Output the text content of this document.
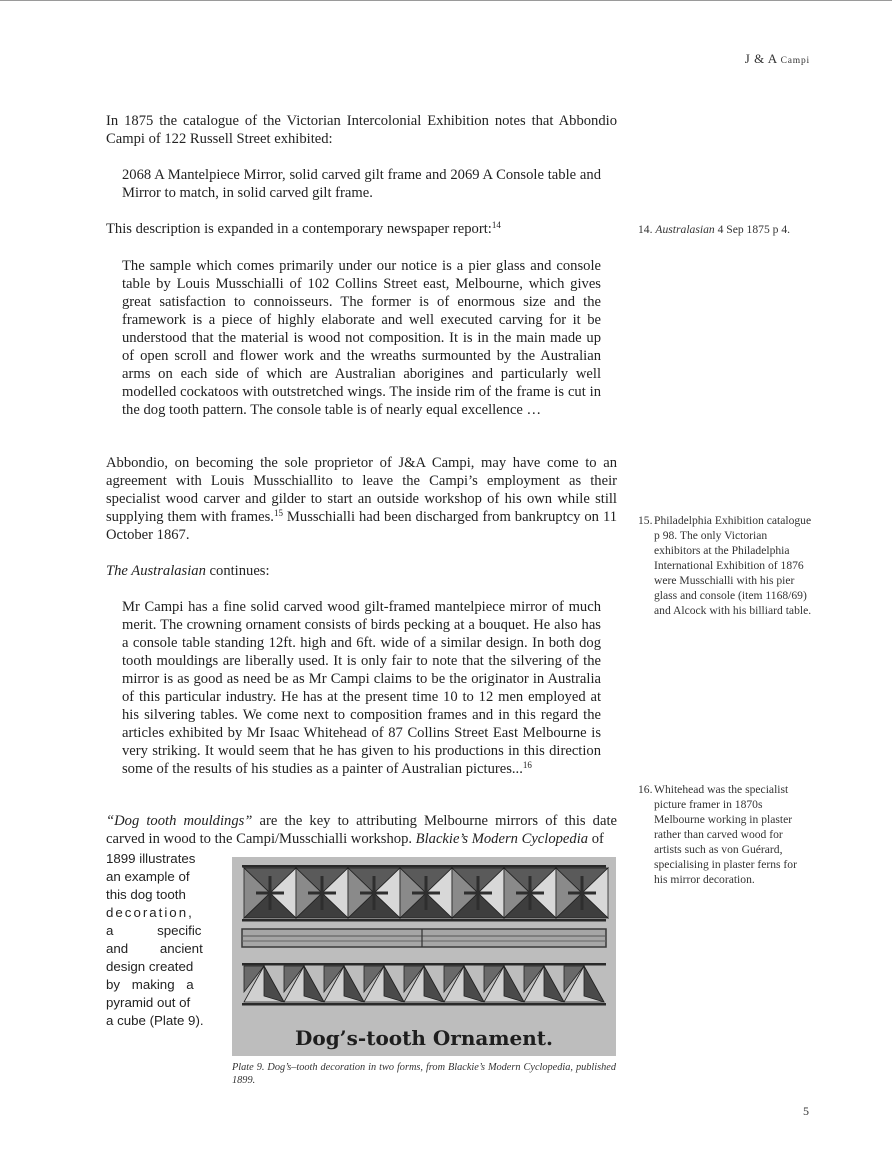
J & A Campi

In 1875 the catalogue of the Victorian Intercolonial Exhibition notes that Abbondio Campi of 122 Russell Street exhibited:

2068 A Mantelpiece Mirror, solid carved gilt frame and 2069 A Console table and Mirror to match, in solid carved gilt frame.

This description is expanded in a contemporary newspaper report:$^{14}$

The sample which comes primarily under our notice is a pier glass and console table by Louis Musschialli of 102 Collins Street east, Melbourne, which gives great satisfaction to connoisseurs. The former is of enormous size and the framework is a piece of highly elaborate and well executed carving for it be understood that the material is wood not composition. It is in the main made up of open scroll and flower work and the wreaths surmounted by the Australian arms on each side of which are Australian aborigines and particularly well modelled cockatoos with outstretched wings. The inside rim of the frame is cut in the dog tooth pattern. The console table is of nearly equal excellence …

Abbondio, on becoming the sole proprietor of J&A Campi, may have come to an agreement with Louis Musschiallito to leave the Campi’s employment as their specialist wood carver and gilder to start an outside workshop of his own while still supplying them with frames.$^{15}$ Musschialli had been discharged from bankruptcy on 11 October 1867.

The Australasian continues:

Mr Campi has a fine solid carved wood gilt-framed mantelpiece mirror of much merit. The crowning ornament consists of birds pecking at a bouquet. He also has a console table standing 12ft. high and 6ft. wide of a similar design. In both dog tooth mouldings are liberally used. It is only fair to note that the silvering of the mirror is as good as need be as Mr Campi claims to be the originator in Australia of this particular industry. He has at the present time 10 to 12 men employed at his silvering tables. We come next to composition frames and in this regard the articles exhibited by Mr Isaac Whitehead of 87 Collins Street East Melbourne is very striking. It would seem that he has given to his productions in this direction some of the results of his studies as a painter of Australian pictures...$^{16}$

“Dog tooth mouldings” are the key to attributing Melbourne mirrors of this date carved in wood to the Campi/Musschialli workshop. Blackie’s Modern Cyclopedia of

1899 illustrates
an example of
this dog tooth
decoration,
a specific
and ancient
design created
by making a
pyramid out of
a cube (Plate 9).
Dog’s-tooth Ornament.
Plate 9. Dog’s–tooth decoration in two forms, from Blackie’s Modern Cyclopedia, published 1899.
14. Australasian 4 Sep 1875 p 4.
15. Philadelphia Exhibition catalogue p 98. The only Victorian exhibitors at the Philadelphia International Exhibition of 1876 were Musschialli with his pier glass and console (item 1168/69) and Alcock with his billiard table.
16. Whitehead was the specialist picture framer in 1870s Melbourne working in plaster rather than carved wood for artists such as von Guérard, specialising in plaster ferns for his mirror decoration.
5
